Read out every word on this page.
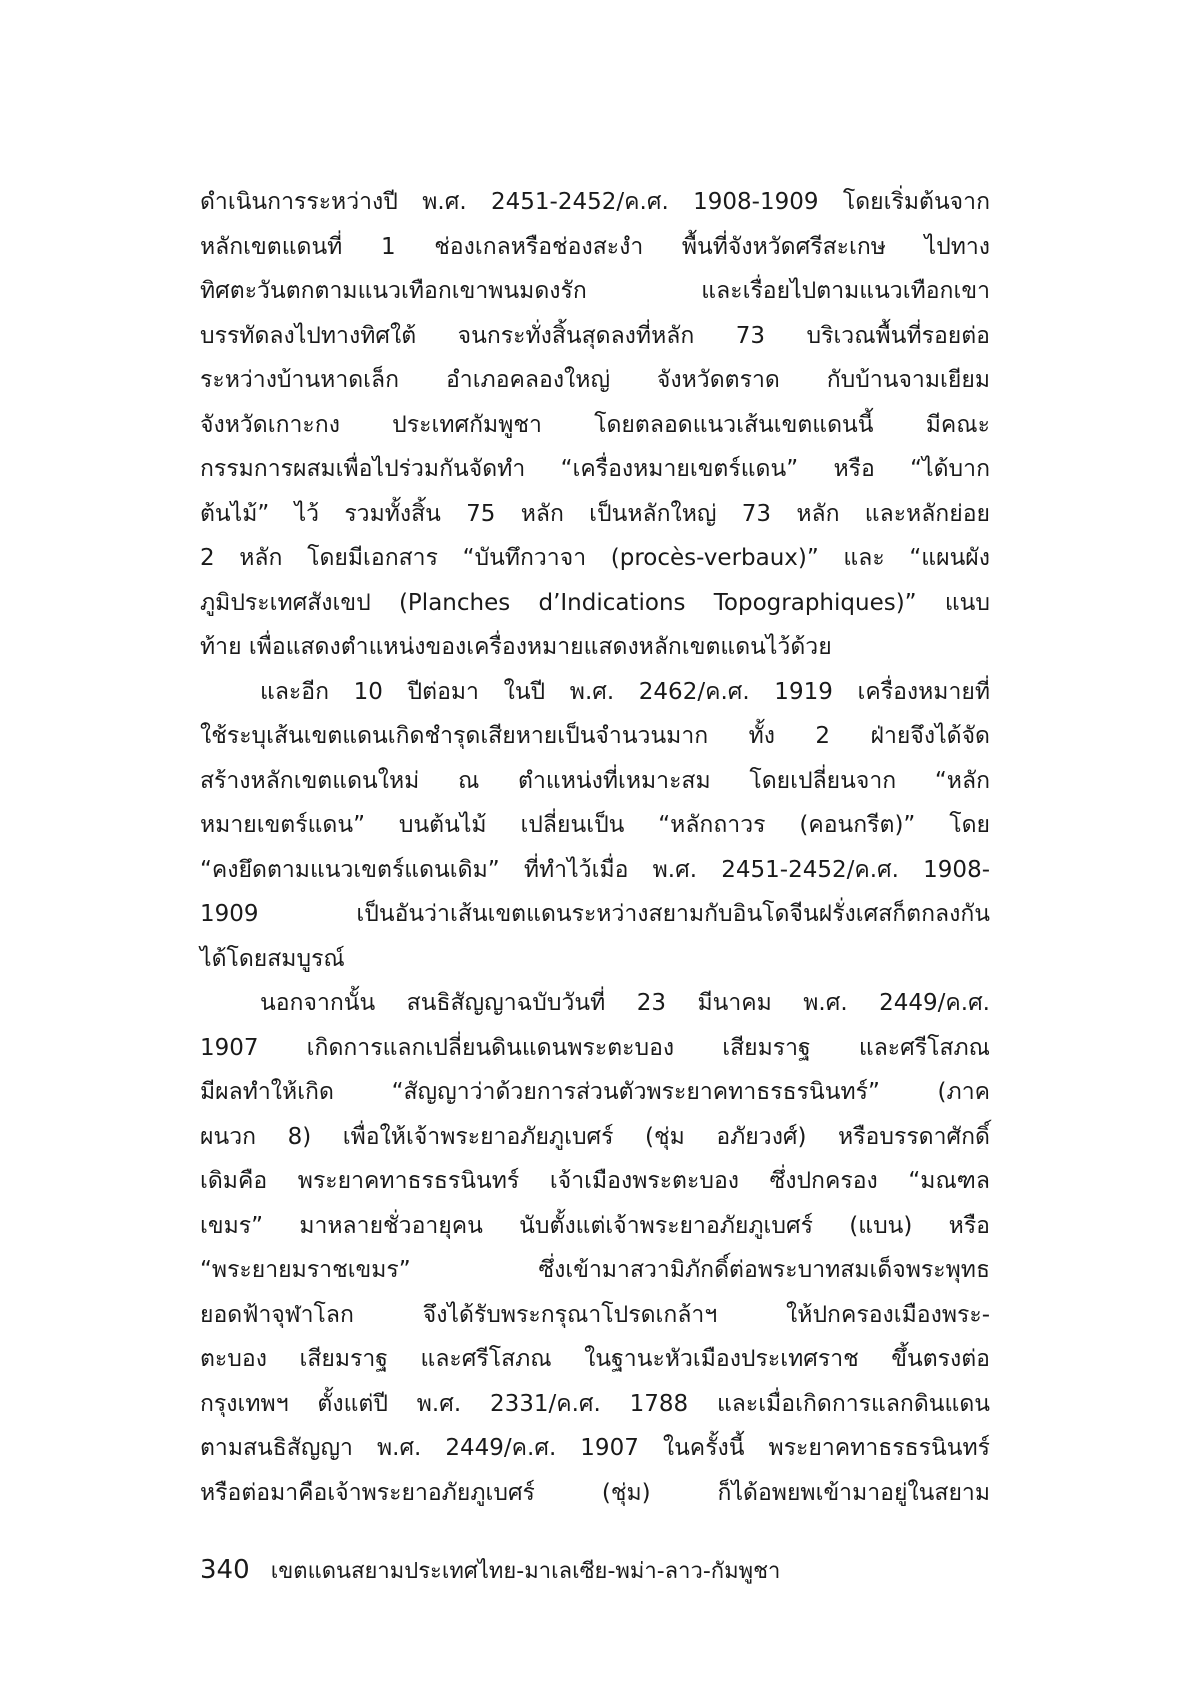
ดำเนินการระหว่างปี พ.ศ. 2451-2452/ค.ศ. 1908-1909 โดยเริ่มต้นจาก
หลักเขตแดนที่ 1 ช่องเกลหรือช่องสะงำ พื้นที่จังหวัดศรีสะเกษ ไปทาง
ทิศตะวันตกตามแนวเทือกเขาพนมดงรัก และเรื่อยไปตามแนวเทือกเขา
บรรทัดลงไปทางทิศใต้ จนกระทั่งสิ้นสุดลงที่หลัก 73 บริเวณพื้นที่รอยต่อ
ระหว่างบ้านหาดเล็ก อำเภอคลองใหญ่ จังหวัดตราด กับบ้านจามเยียม
จังหวัดเกาะกง ประเทศกัมพูชา โดยตลอดแนวเส้นเขตแดนนี้ มีคณะ
กรรมการผสมเพื่อไปร่วมกันจัดทำ “เครื่องหมายเขตร์แดน” หรือ “ได้บาก
ต้นไม้” ไว้ รวมทั้งสิ้น 75 หลัก เป็นหลักใหญ่ 73 หลัก และหลักย่อย
2 หลัก โดยมีเอกสาร “บันทึกวาจา (procès-verbaux)” และ “แผนผัง
ภูมิประเทศสังเขป (Planches d’Indications Topographiques)” แนบ
ท้าย เพื่อแสดงตำแหน่งของเครื่องหมายแสดงหลักเขตแดนไว้ด้วย
และอีก 10 ปีต่อมา ในปี พ.ศ. 2462/ค.ศ. 1919 เครื่องหมายที่
ใช้ระบุเส้นเขตแดนเกิดชำรุดเสียหายเป็นจำนวนมาก ทั้ง 2 ฝ่ายจึงได้จัด
สร้างหลักเขตแดนใหม่ ณ ตำแหน่งที่เหมาะสม โดยเปลี่ยนจาก “หลัก
หมายเขตร์แดน” บนต้นไม้ เปลี่ยนเป็น “หลักถาวร (คอนกรีต)” โดย
“คงยึดตามแนวเขตร์แดนเดิม” ที่ทำไว้เมื่อ พ.ศ. 2451-2452/ค.ศ. 1908-
1909 เป็นอันว่าเส้นเขตแดนระหว่างสยามกับอินโดจีนฝรั่งเศสก็ตกลงกัน
ได้โดยสมบูรณ์
นอกจากนั้น สนธิสัญญาฉบับวันที่ 23 มีนาคม พ.ศ. 2449/ค.ศ.
1907 เกิดการแลกเปลี่ยนดินแดนพระตะบอง เสียมราฐ และศรีโสภณ
มีผลทำให้เกิด “สัญญาว่าด้วยการส่วนตัวพระยาคทาธรธรนินทร์” (ภาค
ผนวก 8) เพื่อให้เจ้าพระยาอภัยภูเบศร์ (ชุ่ม อภัยวงศ์) หรือบรรดาศักดิ์
เดิมคือ พระยาคทาธรธรนินทร์ เจ้าเมืองพระตะบอง ซึ่งปกครอง “มณฑล
เขมร” มาหลายชั่วอายุคน นับตั้งแต่เจ้าพระยาอภัยภูเบศร์ (แบน) หรือ
“พระยายมราชเขมร” ซึ่งเข้ามาสวามิภักดิ์ต่อพระบาทสมเด็จพระพุทธ
ยอดฟ้าจุฬาโลก จึงได้รับพระกรุณาโปรดเกล้าฯ ให้ปกครองเมืองพระ-
ตะบอง เสียมราฐ และศรีโสภณ ในฐานะหัวเมืองประเทศราช ขึ้นตรงต่อ
กรุงเทพฯ ตั้งแต่ปี พ.ศ. 2331/ค.ศ. 1788 และเมื่อเกิดการแลกดินแดน
ตามสนธิสัญญา พ.ศ. 2449/ค.ศ. 1907 ในครั้งนี้ พระยาคทาธรธรนินทร์
หรือต่อมาคือเจ้าพระยาอภัยภูเบศร์ (ชุ่ม) ก็ได้อพยพเข้ามาอยู่ในสยาม
340 เขตแดนสยามประเทศไทย-มาเลเซีย-พม่า-ลาว-กัมพูชา
